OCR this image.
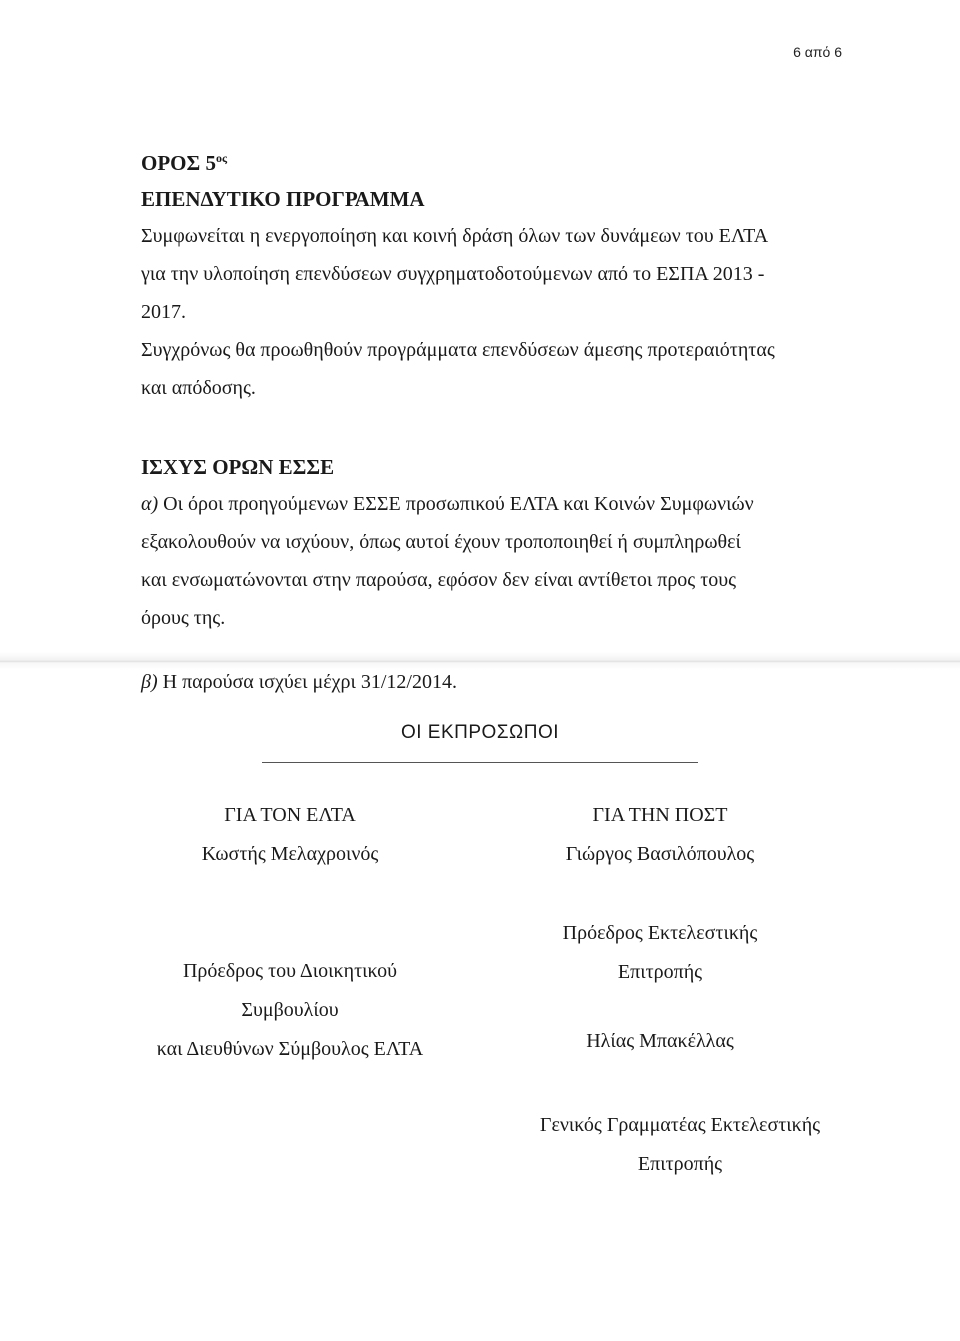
6 από 6

ΟΡΟΣ $5^{o\varsigma}$

ΕΠΕΝΔΥΤΙΚΟ ΠΡΟΓΡΑΜΜΑ

Συμφωνείται η ενεργοποίηση και κοινή δράση όλων των δυνάμεων του ΕΛΤΑ

για την υλοποίηση επενδύσεων συγχρηματοδοτούμενων από το ΕΣΠΑ 2013 -

2017.

Συγχρόνως θα προωθηθούν προγράμματα επενδύσεων άμεσης προτεραιότητας

και απόδοσης.

ΙΣΧΥΣ ΟΡΩΝ ΕΣΣΕ

α) Οι όροι προηγούμενων ΕΣΣΕ προσωπικού ΕΛΤΑ και Κοινών Συμφωνιών

εξακολουθούν να ισχύουν, όπως αυτοί έχουν τροποποιηθεί ή συμπληρωθεί

και ενσωματώνονται στην παρούσα, εφόσον δεν είναι αντίθετοι προς τους

όρους της.

β) Η παρούσα ισχύει μέχρι 31/12/2014.

ΟΙ ΕΚΠΡΟΣΩΠΟΙ

ΓΙΑ ΤΟΝ ΕΛΤΑ

Κωστής Μελαχροινός

Πρόεδρος του Διοικητικού

Συμβουλίου

και Διευθύνων Σύμβουλος ΕΛΤΑ

ΓΙΑ ΤΗΝ ΠΟΣΤ

Γιώργος Βασιλόπουλος

Πρόεδρος Εκτελεστικής

Επιτροπής

Ηλίας Μπακέλλας

Γενικός Γραμματέας Εκτελεστικής

Επιτροπής
